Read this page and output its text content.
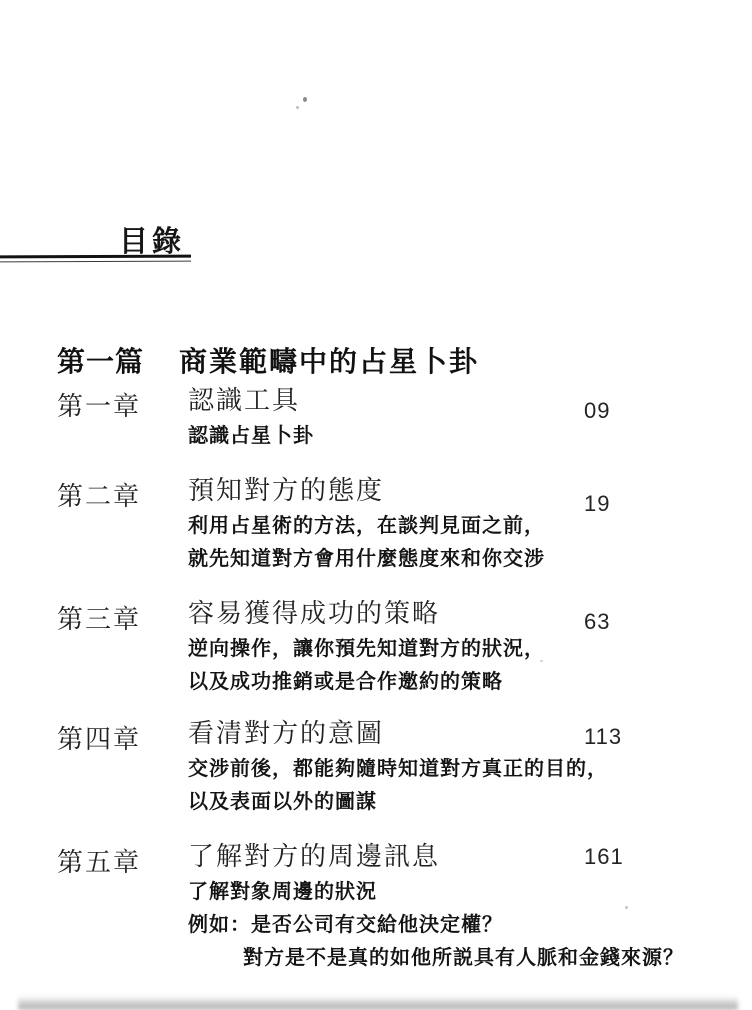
目錄
第一篇 商業範疇中的占星卜卦
第一章 認識工具
認識占星卜卦
09
第二章 預知對方的態度
利用占星術的方法，在談判見面之前，
就先知道對方會用什麼態度來和你交涉
19
第三章 容易獲得成功的策略
逆向操作，讓你預先知道對方的狀況，
以及成功推銷或是合作邀約的策略
63
第四章 看清對方的意圖
交涉前後，都能夠隨時知道對方真正的目的，
以及表面以外的圖謀
113
第五章 了解對方的周邊訊息
了解對象周邊的狀況
例如：是否公司有交給他決定權？
對方是不是真的如他所説具有人脈和金錢來源？
161
